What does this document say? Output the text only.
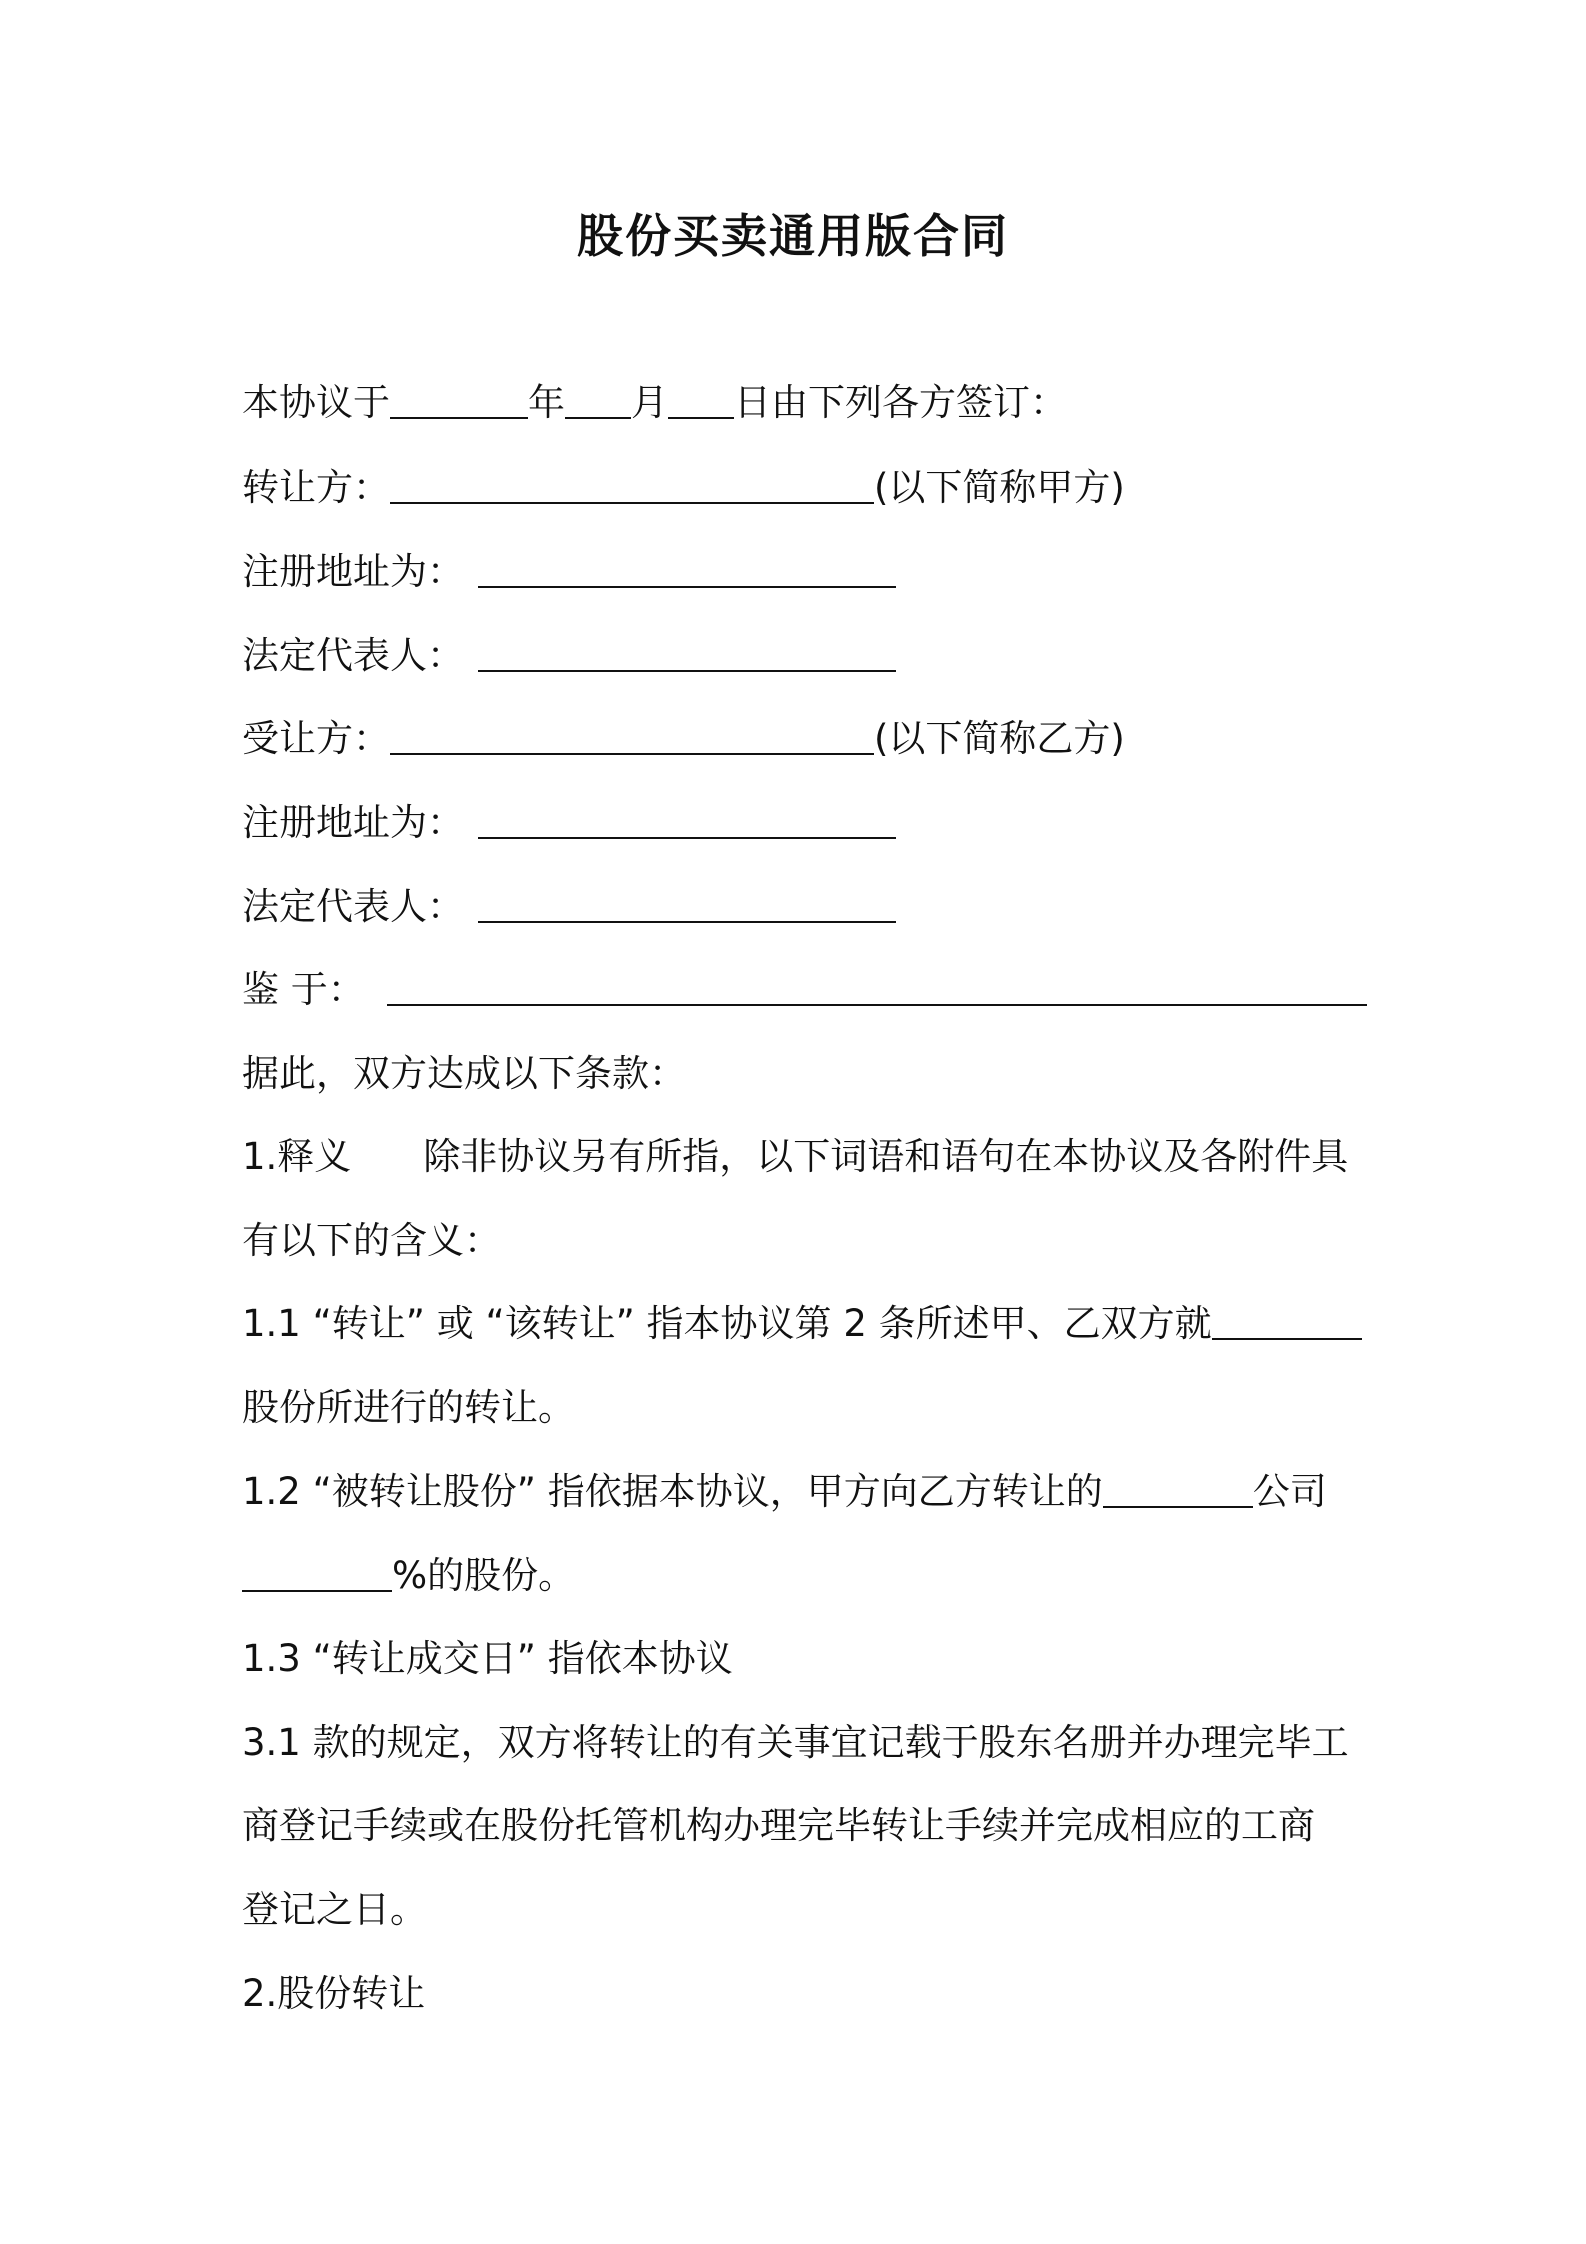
股份买卖通用版合同
本协议于	年 月 日由下列各方签订：
转让方：	(以下简称甲方)
注册地址为：
法定代表人：
受让方：	(以下简称乙方)
注册地址为：
法定代表人：
鉴 于：
据此，双方达成以下条款：
1.释义 除非协议另有所指，以下词语和语句在本协议及各附件具
有以下的含义：
1.1 “转让” 或 “该转让” 指本协议第 2 条所述甲、乙双方就
股份所进行的转让。
1.2 “被转让股份” 指依据本协议，甲方向乙方转让的	公司
%的股份。
1.3 “转让成交日” 指依本协议
3.1 款的规定，双方将转让的有关事宜记载于股东名册并办理完毕工
商登记手续或在股份托管机构办理完毕转让手续并完成相应的工商
登记之日。
2.股份转让
